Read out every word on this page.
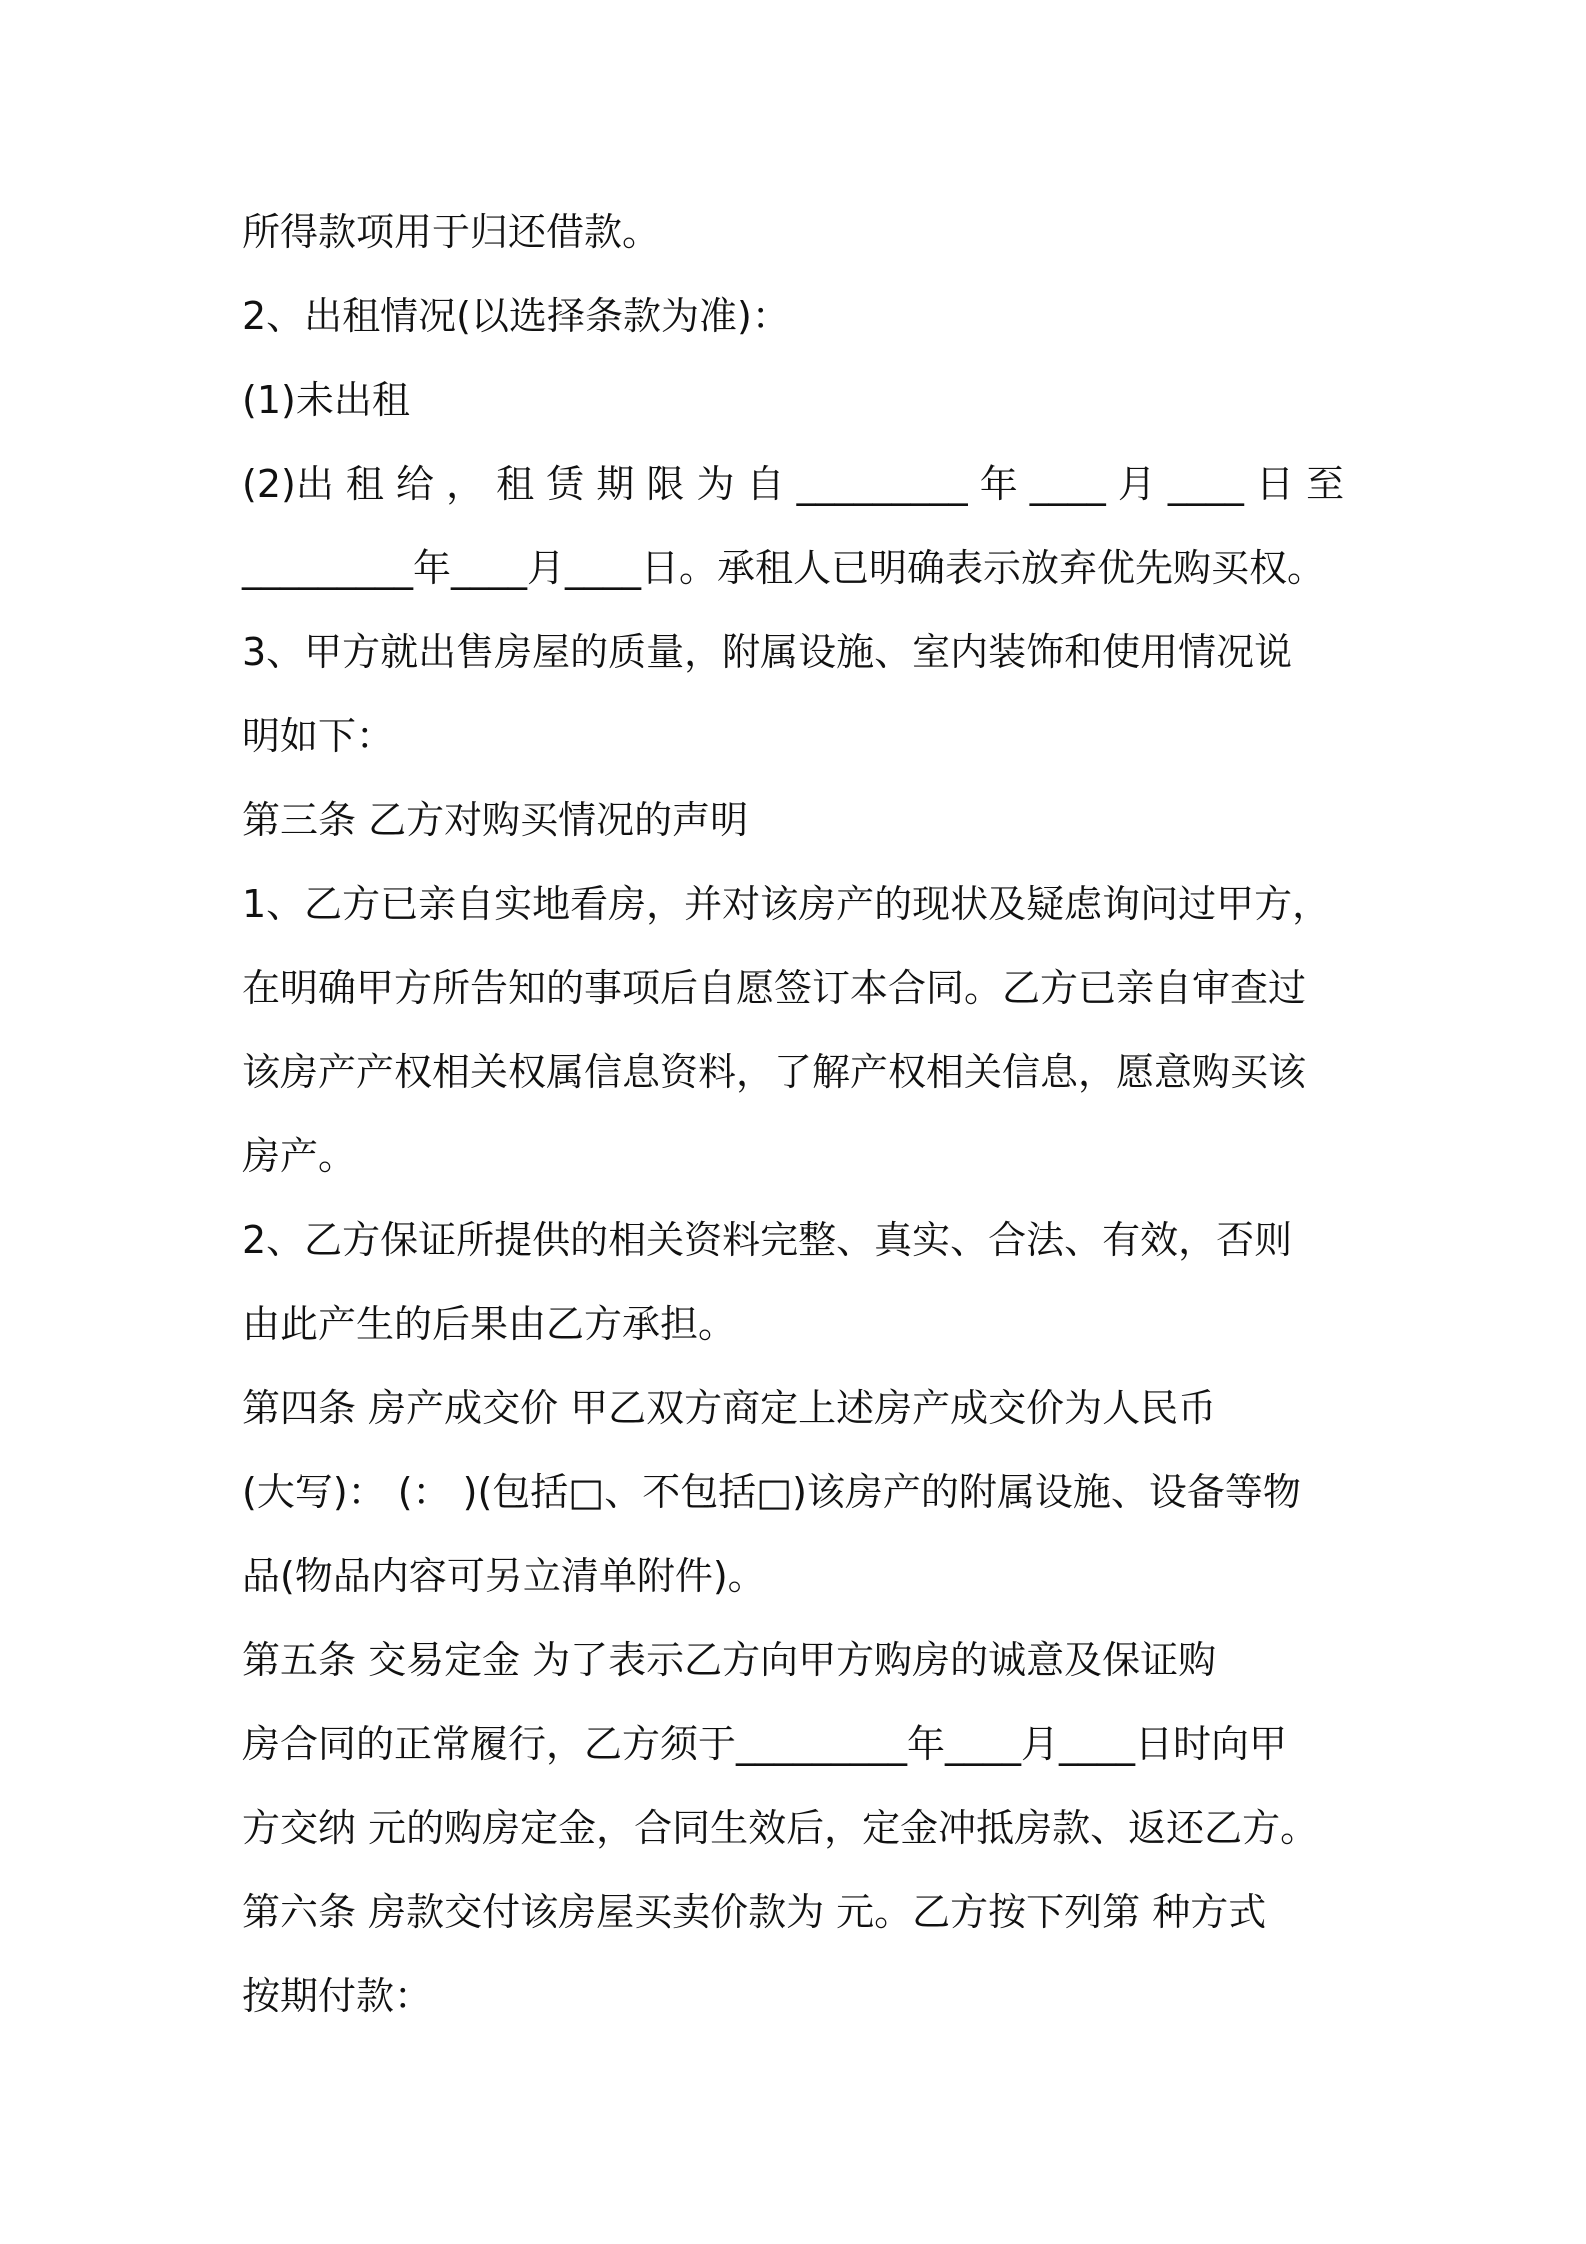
所得款项用于归还借款。
2、出租情况(以选择条款为准)：
(1)未出租
(2)出 租 给 ， 租 赁 期 限 为 自 _________ 年 ____ 月 ____ 日 至
_________年____月____日。承租人已明确表示放弃优先购买权。
3、甲方就出售房屋的质量，附属设施、室内装饰和使用情况说
明如下：
第三条 乙方对购买情况的声明
1、乙方已亲自实地看房，并对该房产的现状及疑虑询问过甲方，
在明确甲方所告知的事项后自愿签订本合同。乙方已亲自审查过
该房产产权相关权属信息资料，了解产权相关信息，愿意购买该
房产。
2、乙方保证所提供的相关资料完整、真实、合法、有效，否则
由此产生的后果由乙方承担。
第四条 房产成交价 甲乙双方商定上述房产成交价为人民币
(大写)： (： )(包括□、不包括□)该房产的附属设施、设备等物
品(物品内容可另立清单附件)。
第五条 交易定金 为了表示乙方向甲方购房的诚意及保证购
房合同的正常履行，乙方须于_________年____月____日时向甲
方交纳 元的购房定金，合同生效后，定金冲抵房款、返还乙方。
第六条 房款交付该房屋买卖价款为 元。乙方按下列第 种方式
按期付款：
